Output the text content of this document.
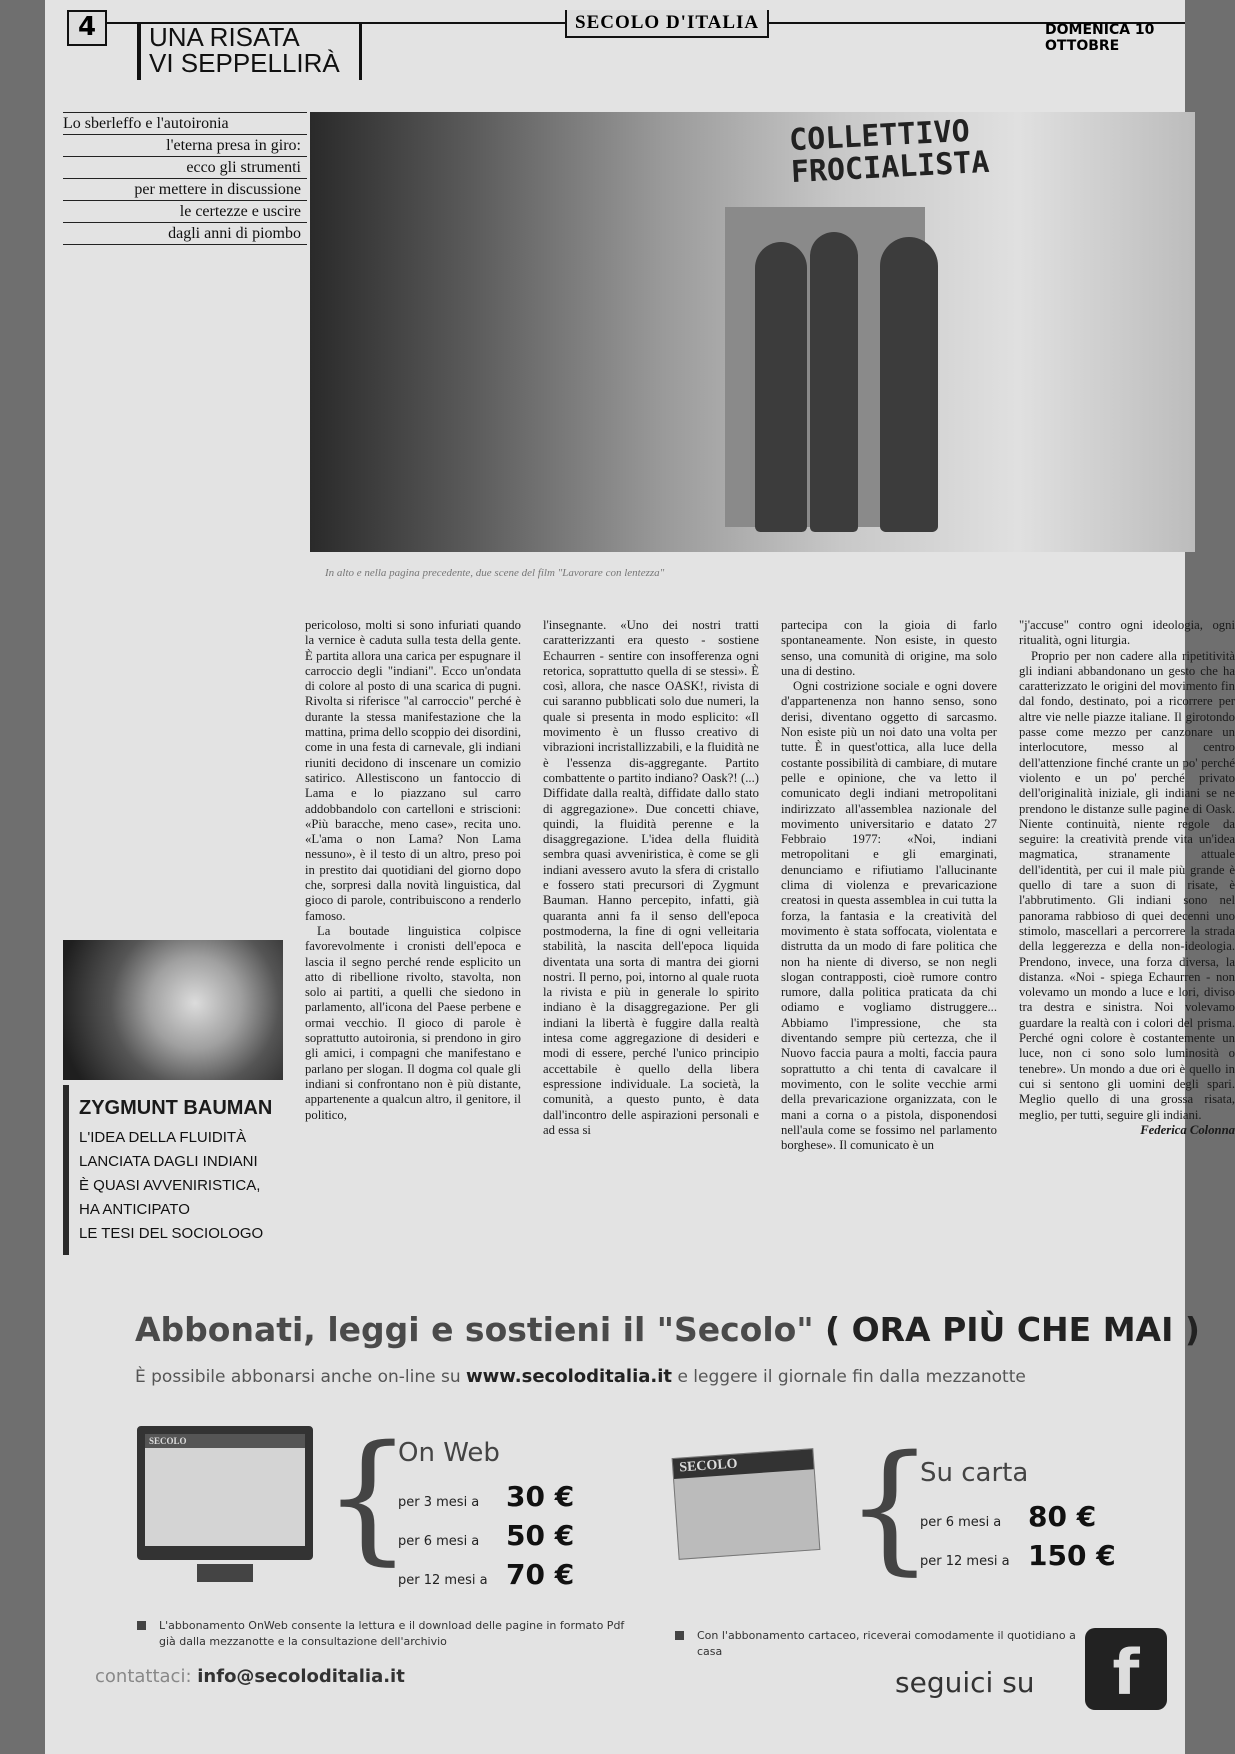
4	UNA RISATA
VI SEPPELLIRÀ
SECOLO D'ITALIA	DOMENICA 10 OTTOBRE
Lo sberleffo e l'autoironia
l'eterna presa in giro:
ecco gli strumenti
per mettere in discussione
le certezze e uscire
dagli anni di piombo
COLLETTIVO
FROCIALISTA
In alto e nella pagina precedente, due scene del film "Lavorare con lentezza"
ZYGMUNT BAUMAN
L'IDEA DELLA FLUIDITÀ
LANCIATA DAGLI INDIANI
È QUASI AVVENIRISTICA,
HA ANTICIPATO
LE TESI DEL SOCIOLOGO

pericoloso, molti si sono infuriati quando la vernice è caduta sulla testa della gente. È partita allora una carica per espugnare il carroccio degli "indiani". Ecco un'ondata di colore al posto di una scarica di pugni. Rivolta si riferisce "al carroccio" perché è durante la stessa manifestazione che la mattina, prima dello scoppio dei disordini, come in una festa di carnevale, gli indiani riuniti decidono di inscenare un comizio satirico. Allestiscono un fantoccio di Lama e lo piazzano sul carro addobbandolo con cartelloni e striscioni: «Più baracche, meno case», recita uno. «L'ama o non Lama? Non Lama nessuno», è il testo di un altro, preso poi in prestito dai quotidiani del giorno dopo che, sorpresi dalla novità linguistica, dal gioco di parole, contribuiscono a renderlo famoso.

La boutade linguistica colpisce favorevolmente i cronisti dell'epoca e lascia il segno perché rende esplicito un atto di ribellione rivolto, stavolta, non solo ai partiti, a quelli che siedono in parlamento, all'icona del Paese perbene e ormai vecchio. Il gioco di parole è soprattutto autoironia, si prendono in giro gli amici, i compagni che manifestano e parlano per slogan. Il dogma col quale gli indiani si confrontano non è più distante, appartenente a qualcun altro, il genitore, il politico,

l'insegnante. «Uno dei nostri tratti caratterizzanti era questo - sostiene Echaurren - sentire con insofferenza ogni retorica, soprattutto quella di se stessi». È così, allora, che nasce OASK!, rivista di cui saranno pubblicati solo due numeri, la quale si presenta in modo esplicito: «Il movimento è un flusso creativo di vibrazioni incristallizzabili, e la fluidità ne è l'essenza dis-aggregante. Partito combattente o partito indiano? Oask?! (...) Diffidate dalla realtà, diffidate dallo stato di aggregazione». Due concetti chiave, quindi, la fluidità perenne e la disaggregazione. L'idea della fluidità sembra quasi avveniristica, è come se gli indiani avessero avuto la sfera di cristallo e fossero stati precursori di Zygmunt Bauman. Hanno percepito, infatti, già quaranta anni fa il senso dell'epoca postmoderna, la fine di ogni velleitaria stabilità, la nascita dell'epoca liquida diventata una sorta di mantra dei giorni nostri. Il perno, poi, intorno al quale ruota la rivista e più in generale lo spirito indiano è la disaggregazione. Per gli indiani la libertà è fuggire dalla realtà intesa come aggregazione di desideri e modi di essere, perché l'unico principio accettabile è quello della libera espressione individuale. La società, la comunità, a questo punto, è data dall'incontro delle aspirazioni personali e ad essa si

partecipa con la gioia di farlo spontaneamente. Non esiste, in questo senso, una comunità di origine, ma solo una di destino.

Ogni costrizione sociale e ogni dovere d'appartenenza non hanno senso, sono derisi, diventano oggetto di sarcasmo. Non esiste più un noi dato una volta per tutte. È in quest'ottica, alla luce della costante possibilità di cambiare, di mutare pelle e opinione, che va letto il comunicato degli indiani metropolitani indirizzato all'assemblea nazionale del movimento universitario e datato 27 Febbraio 1977: «Noi, indiani metropolitani e gli emarginati, denunciamo e rifiutiamo l'allucinante clima di violenza e prevaricazione creatosi in questa assemblea in cui tutta la forza, la fantasia e la creatività del movimento è stata soffocata, violentata e distrutta da un modo di fare politica che non ha niente di diverso, se non negli slogan contrapposti, cioè rumore contro rumore, dalla politica praticata da chi odiamo e vogliamo distruggere... Abbiamo l'impressione, che sta diventando sempre più certezza, che il Nuovo faccia paura a molti, faccia paura soprattutto a chi tenta di cavalcare il movimento, con le solite vecchie armi della prevaricazione organizzata, con le mani a corna o a pistola, disponendosi nell'aula come se fossimo nel parlamento borghese». Il comunicato è un

"j'accuse" contro ogni ideologia, ogni ritualità, ogni liturgia.

Proprio per non cadere alla ripetitività gli indiani abbandonano un gesto che ha caratterizzato le origini del movimento fin dal fondo, destinato, poi a ricorrere per altre vie nelle piazze italiane. Il girotondo passe come mezzo per canzonare un interlocutore, messo al centro dell'attenzione finché crante un po' perché violento e un po' perché privato dell'originalità iniziale, gli indiani se ne prendono le distanze sulle pagine di Oask. Niente continuità, niente regole da seguire: la creatività prende vita un'idea magmatica, stranamente attuale dell'identità, per cui il male più grande è quello di tare a suon di risate, è l'abbrutimento. Gli indiani sono nel panorama rabbioso di quei decenni uno stimolo, mascellari a percorrere la strada della leggerezza e della non-ideologia. Prendono, invece, una forza diversa, la distanza. «Noi - spiega Echaurren - non volevamo un mondo a luce e lori, diviso tra destra e sinistra. Noi volevamo guardare la realtà con i colori del prisma. Perché ogni colore è costantemente un luce, non ci sono solo luminosità o tenebre». Un mondo a due ori è quello in cui si sentono gli uomini degli spari. Meglio quello di una grossa risata, meglio, per tutti, seguire gli indiani.

Federica Colonna
Abbonati, leggi e sostieni il "Secolo" ( ORA PIÙ CHE MAI )
È possibile abbonarsi anche on-line su www.secoloditalia.it e leggere il giornale fin dalla mezzanotte
SECOLO {
On Web
per 3 mesi a 30 €
per 6 mesi a 50 €
per 12 mesi a 70 €
SECOLO {
Su carta
per 6 mesi a 80 €
per 12 mesi a 150 €
L'abbonamento OnWeb consente la lettura e il download delle pagine in formato Pdf già dalla mezzanotte e la consultazione dell'archivio	Con l'abbonamento cartaceo, riceverai comodamente il quotidiano a casa
contattaci: info@secoloditalia.it	seguici su	f
